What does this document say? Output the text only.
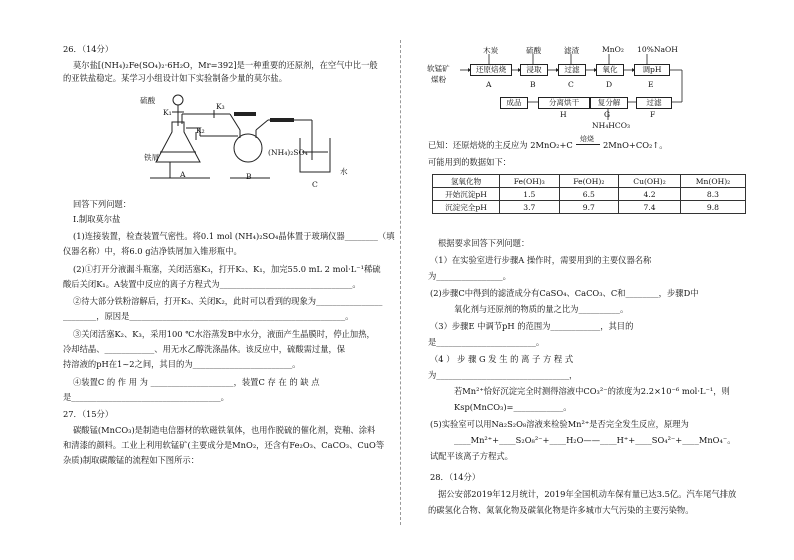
26．（14分）
莫尔盐[(NH₄)₂Fe(SO₄)₂·6H₂O，Mr=392]是一种重要的还原剂，在空气中比一般
的亚铁盐稳定。某学习小组设计如下实验制备少量的莫尔盐。
硫酸
K₁
K₃
K₂
铁屑
(NH₄)₂SO₄
水
A	B
C
回答下列问题：
Ⅰ.制取莫尔盐
(1)连接装置，检查装置气密性。将0.1 mol (NH₄)₂SO₄晶体置于玻璃仪器________（填
仪器名称）中，将6.0 g洁净铁屑加入锥形瓶中。
(2)①打开分液漏斗瓶塞，关闭活塞K₃，打开K₂、K₁，加完55.0 mL 2 mol·L⁻¹稀硫
酸后关闭K₁。A装置中反应的离子方程式为________________________________。
②待大部分铁粉溶解后，打开K₃、关闭K₂，此时可以看到的现象为________________
________，原因是____________________________________________________。
③关闭活塞K₂、K₃，采用100 ℃水浴蒸发B中水分，液面产生晶膜时，停止加热，
冷却结晶、____________、用无水乙醇洗涤晶体。该反应中，硫酸需过量，保
持溶液的pH在1~2之间，其目的为________________________。
④装置C 的 作 用 为 ____________________，装置C 存 在 的 缺 点
是____________________________________。
27．（15分）
碳酸锰(MnCO₃)是制造电信器材的软磁铁氧体，也用作脱硫的催化剂，瓷釉、涂料
和清漆的颜料。工业上利用软锰矿(主要成分是MnO₂，还含有Fe₂O₃、CaCO₃、CuO等
杂质)制取碳酸锰的流程如下图所示：
软锰矿
煤粉
木炭	硫酸	滤渣	MnO₂ 10%NaOH
还原焙烧	浸取	过滤	氧化	调pH
A	B	C	D	E
成品	分离烘干	复分解	过滤
H	G	F
NH₄HCO₃
已知：还原焙烧的主反应为 2MnO₂+C
焙烧
2MnO+CO₂↑。
可能用到的数据如下：
氢氧化物	Fe(OH)₃	Fe(OH)₂	Cu(OH)₂	Mn(OH)₂
开始沉淀pH	1.5	6.5	4.2	8.3
沉淀完全pH	3.7	9.7	7.4	9.8
根据要求回答下列问题：
（1）在实验室进行步骤A 操作时，需要用到的主要仪器名称
为________________。
(2)步骤C中得到的滤渣成分有CaSO₄、CaCO₃、C和________，步骤D中
氧化剂与还原剂的物质的量之比为__________。
（3）步骤E 中调节pH 的范围为____________，其目的
是________________________。
（4 ） 步 骤 G 发 生 的 离 子 方 程 式
为________________________________，
若Mn²⁺恰好沉淀完全时测得溶液中CO₃²⁻的浓度为2.2×10⁻⁶ mol·L⁻¹，则
Ksp(MnCO₃)=____________。
(5)实验室可以用Na₂S₂O₈溶液来检验Mn²⁺是否完全发生反应，原理为
____Mn²⁺+____S₂O₈²⁻+____H₂O——____H⁺+____SO₄²⁻+____MnO₄⁻。
试配平该离子方程式。
28．（14分）
据公安部2019年12月统计，2019年全国机动车保有量已达3.5亿。汽车尾气排放
的碳氢化合物、氮氧化物及碳氧化物是许多城市大气污染的主要污染物。
